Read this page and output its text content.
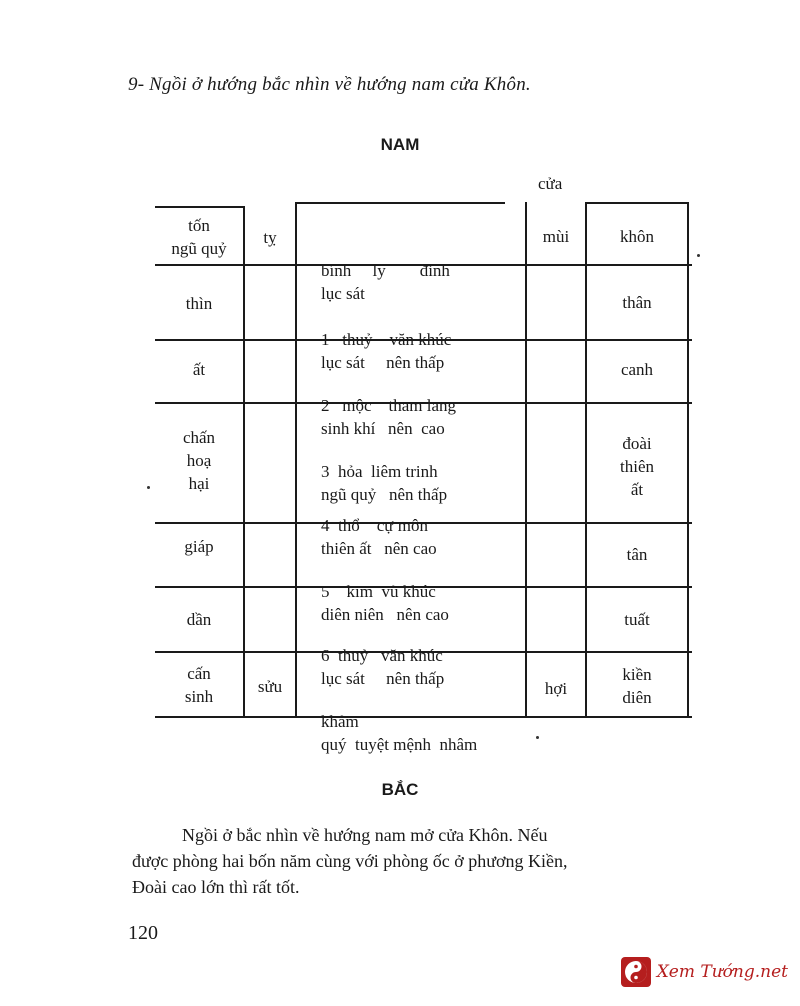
9- Ngồi ở hướng bắc nhìn về hướng nam cửa Khôn.
NAM
cửa
tốn
ngũ quỷ
thìn
ất
chấn
hoạ
hại
giáp
dần
cấn
sinh
tỵ
sửu

bính     ly        đinh
lục sát

1   thuỷ    văn khúc
lục sát     nên thấp

2   mộc    tham lang
sinh khí   nên  cao

3  hỏa  liêm trinh
ngũ quỷ   nên thấp

4  thổ    cự môn
thiên ất   nên cao

5    kim  vũ khúc
diên niên   nên cao

6  thuỷ   văn khúc
lục sát     nên thấp

khảm
quý  tuyệt mệnh  nhâm

mùi
hợi
khôn
thân
canh
đoài
thiên
ất
tân
tuất
kiền
diên
BẮC
Ngồi ở bắc nhìn về hướng nam mở cửa Khôn. Nếu
được phòng hai bốn năm cùng với phòng ốc ở phương Kiền,
Đoài cao lớn thì rất tốt.
120
Xem Tướng.net
